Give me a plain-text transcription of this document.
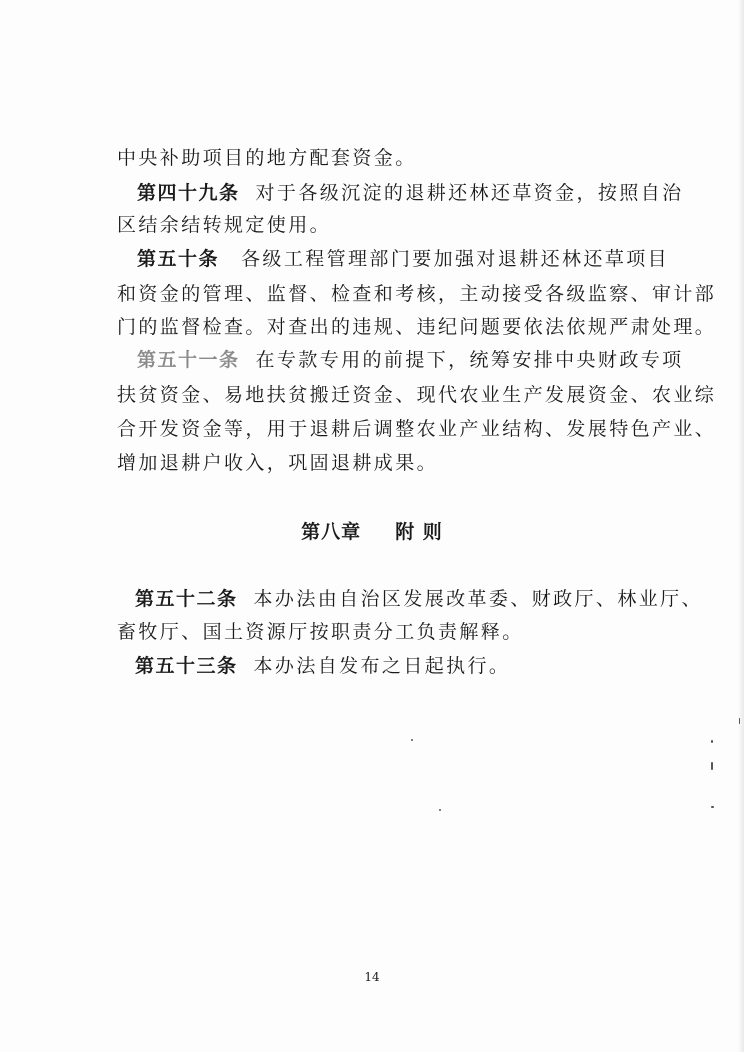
中央补助项目的地方配套资金。
第四十九条 对于各级沉淀的退耕还林还草资金，按照自治
区结余结转规定使用。
第五十条 各级工程管理部门要加强对退耕还林还草项目
和资金的管理、监督、检查和考核，主动接受各级监察、审计部
门的监督检查。对查出的违规、违纪问题要依法依规严肃处理。
第五十一条 在专款专用的前提下，统筹安排中央财政专项
扶贫资金、易地扶贫搬迁资金、现代农业生产发展资金、农业综
合开发资金等，用于退耕后调整农业产业结构、发展特色产业、
增加退耕户收入，巩固退耕成果。
第八章 附 则
第五十二条 本办法由自治区发展改革委、财政厅、林业厅、
畜牧厅、国土资源厅按职责分工负责解释。
第五十三条 本办法自发布之日起执行。
14
